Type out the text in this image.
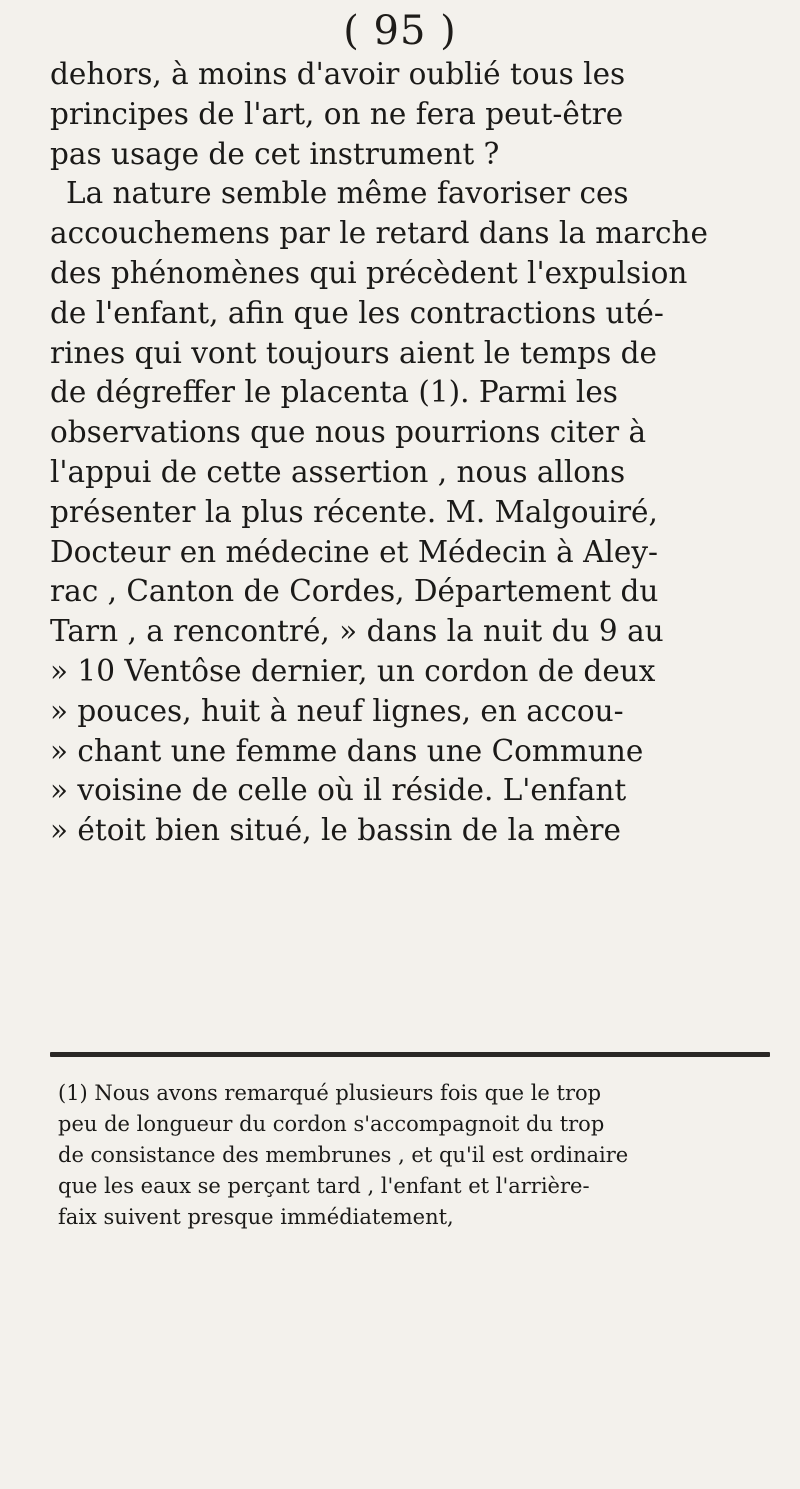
( 95 )
dehors, à moins d'avoir oublié tous les
principes de l'art, on ne fera peut-être
pas usage de cet instrument ?
La nature semble même favoriser ces
accouchemens par le retard dans la marche
des phénomènes qui précèdent l'expulsion
de l'enfant, afin que les contractions uté-
rines qui vont toujours aient le temps de
de dégreffer le placenta (1). Parmi les
observations que nous pourrions citer à
l'appui de cette assertion , nous allons
présenter la plus récente. M. Malgouiré,
Docteur en médecine et Médecin à Aley-
rac , Canton de Cordes, Département du
Tarn , a rencontré, » dans la nuit du 9 au
» 10 Ventôse dernier, un cordon de deux
» pouces, huit à neuf lignes, en accou-
» chant une femme dans une Commune
» voisine de celle où il réside. L'enfant
» étoit bien situé, le bassin de la mère
(1) Nous avons remarqué plusieurs fois que le trop
peu de longueur du cordon s'accompagnoit du trop
de consistance des membrunes , et qu'il est ordinaire
que les eaux se perçant tard , l'enfant et l'arrière-
faix suivent presque immédiatement,
